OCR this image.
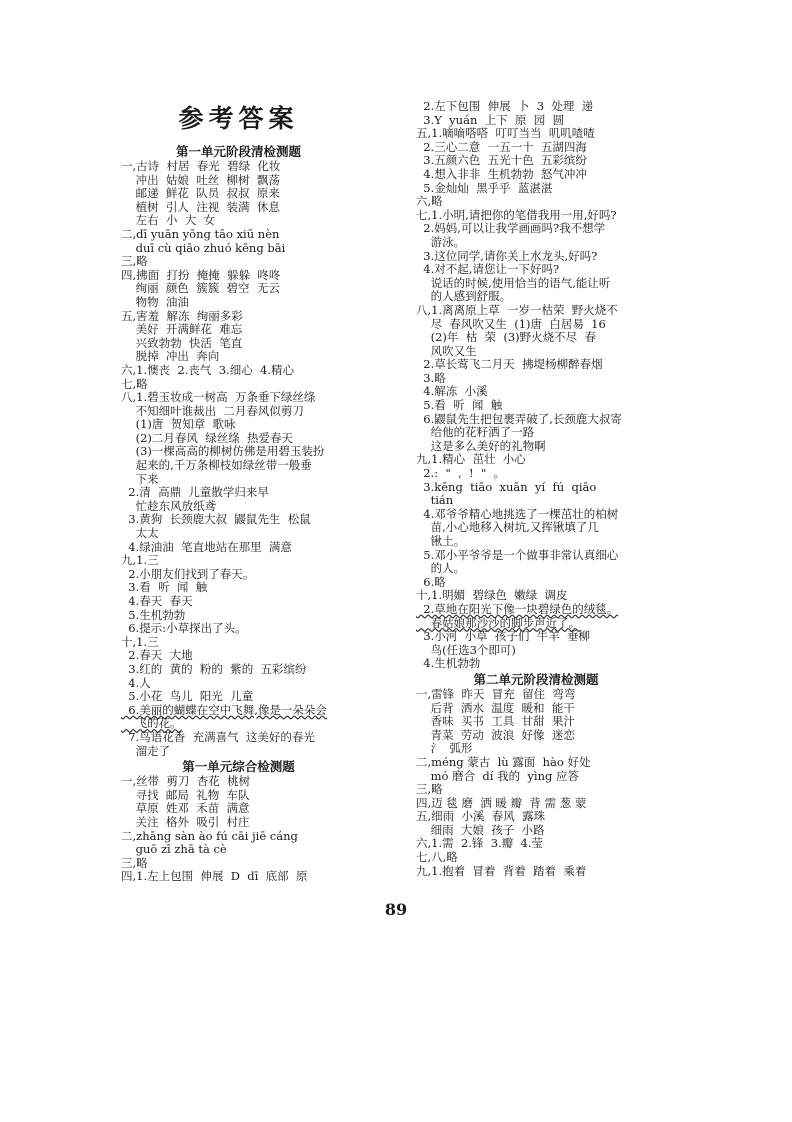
参考答案
第一单元阶段清检测题
一,古诗  村居  春光  碧绿  化妆
冲出  姑娘  吐丝  柳树  飘荡
邮递  鲜花  队员  叔叔  原来
植树  引人  注视  装满  休息
左右  小  大  女
二,dī yuān yōng tāo xiū nèn
duī cù qiāo zhuó kēng bāi
三,略
四,拂面  打扮  掩掩  躲躲  咚咚
绚丽  颜色  簇簇  碧空  无云
物物  油油
五,害羞  解冻  绚丽多彩
美好  开满鲜花  难忘
兴致勃勃  快活  笔直
脱掉  冲出  奔向
六,1.懊丧  2.丧气  3.细心  4.精心
七,略
八,1.碧玉妆成一树高  万条垂下绿丝绦
不知细叶谁裁出  二月春风似剪刀
(1)唐  贺知章  歌咏
(2)二月春风  绿丝绦  热爱春天
(3)一棵高高的柳树仿佛是用碧玉装扮
起来的,千万条柳枝如绿丝带一般垂
下来
2.清  高鼎  儿童散学归来早
忙趁东风放纸鸢
3.黄狗  长颈鹿大叔  鼹鼠先生  松鼠
太太
4.绿油油  笔直地站在那里  满意
九,1.三
2.小朋友们找到了春天。
3.看  听  闻  触
4.春天  春天
5.生机勃勃
6.提示:小草探出了头。
十,1.三
2.春天  大地
3.红的  黄的  粉的  紫的  五彩缤纷
4.人
5.小花  鸟儿  阳光  儿童
6.美丽的蝴蝶在空中飞舞,像是一朵朵会
飞的花。
7.鸟语花香  充满喜气  这美好的春光
溜走了
第一单元综合检测题
一,丝带  剪刀  杏花  桃树
寻找  邮局  礼物  车队
草原  姓邓  禾苗  满意
关注  格外  吸引  村庄
二,zhāng sàn ào fú cāi jiē cáng
guō zī zhā tà cè
三,略
四,1.左上包围  伸展  D  dī  底部  原
2.左下包围  伸展  卜  3  处理  递
3.Y  yuán  上下  原  园  圆
五,1.嘀嘀嗒嗒  叮叮当当  叽叽喳喳
2.三心二意  一五一十  五湖四海
3.五颜六色  五光十色  五彩缤纷
4.想入非非  生机勃勃  怒气冲冲
5.金灿灿  黑乎乎  蓝湛湛
六,略
七,1.小明,请把你的笔借我用一用,好吗?
2.妈妈,可以让我学画画吗?我不想学
游泳。
3.这位同学,请你关上水龙头,好吗?
4.对不起,请您让一下好吗?
说话的时候,使用恰当的语气,能让听
的人感到舒服。
八,1.离离原上草  一岁一枯荣  野火烧不
尽  春风吹又生  (1)唐  白居易  16
(2)年  枯  荣  (3)野火烧不尽  春
风吹又生
2.草长莺飞二月天  拂堤杨柳醉春烟
3.略
4.解冻  小溪
5.看  听  闻  触
6.鼹鼠先生把包裹弄破了,长颈鹿大叔寄
给他的花籽洒了一路
这是多么美好的礼物啊
九,1.精心  茁壮  小心
2.:  "  ,  !  "  。
3.kēng  tiāo  xuān  yí  fú  qiāo
tián
4.邓爷爷精心地挑选了一棵茁壮的柏树
苗,小心地移入树坑,又挥锹填了几
锹土。
5.邓小平爷爷是一个做事非常认真细心
的人。
6.略
十,1.明媚  碧绿色  嫩绿  调皮
2.草地在阳光下像一块碧绿色的绒毯。
春姑娘那沙沙的脚步声近了。
3.小河  小草  孩子们  牛羊  垂柳
鸟(任选3个即可)
4.生机勃勃
第二单元阶段清检测题
一,雷锋  昨天  冒充  留住  弯弯
后背  洒水  温度  暖和  能干
香味  买书  工具  甘甜  果汁
青菜  劳动  波浪  好像  迷恋
氵  弧形
二,méng 蒙古  lù 露面  hào 好处
mó 磨合  dí 我的  yìng 应答
三,略
四,迈 毯 磨  洒 暖 瓣  背 需 葱 蒙
五,细雨  小溪  春风  露珠
细雨  大娘  孩子  小路
六,1.需  2.锋  3.瓣  4.莹
七,八,略
九,1.抱着  冒着  背着  踏着  乘着
89
